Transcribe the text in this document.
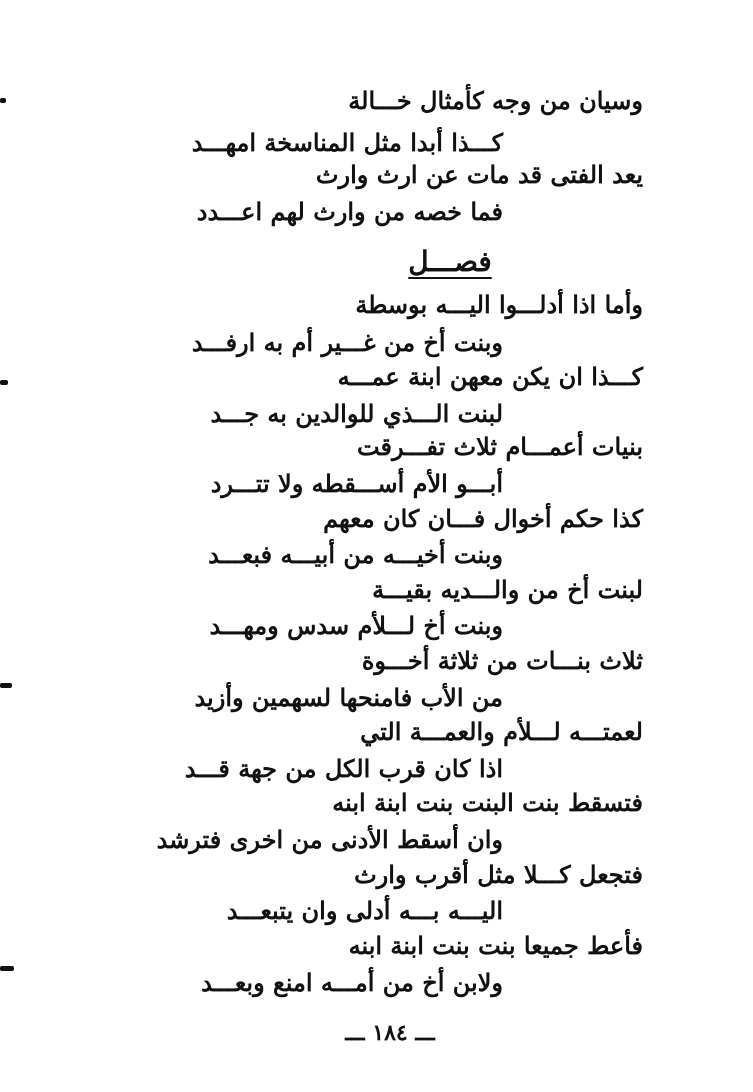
وسيان من وجه كأمثال خـــالة
كـــذا أبدا مثل المناسخة امهـــد
يعد الفتى قد مات عن ارث وارث
فما خصه من وارث لهم اعـــدد
فصـــل
وأما اذا أدلـــوا اليـــه بوسطة
وبنت أخ من غـــير أم به ارفـــد
كـــذا ان يكن معهن ابنة عمـــه
لبنت الـــذي للوالدين به جـــد
بنيات أعمـــام ثلاث تفـــرقت
أبـــو الأم أســـقطه ولا تتـــرد
كذا حكم أخوال فـــان كان معهم
وبنت أخيـــه من أبيـــه فبعـــد
لبنت أخ من والـــديه بقيـــة
وبنت أخ لـــلأم سدس ومهـــد
ثلاث بنـــات من ثلاثة أخـــوة
من الأب فامنحها لسهمين وأزيد
لعمتـــه لـــلأم والعمـــة التي
اذا كان قرب الكل من جهة قـــد
فتسقط بنت البنت بنت ابنة ابنه
وان أسقط الأدنى من اخرى فترشد
فتجعل كـــلا مثل أقرب وارث
اليـــه بـــه أدلى وان يتبعـــد
فأعط جميعا بنت بنت ابنة ابنه
ولابن أخ من أمـــه امنع وبعـــد
ـــ ١٨٤ ـــ
